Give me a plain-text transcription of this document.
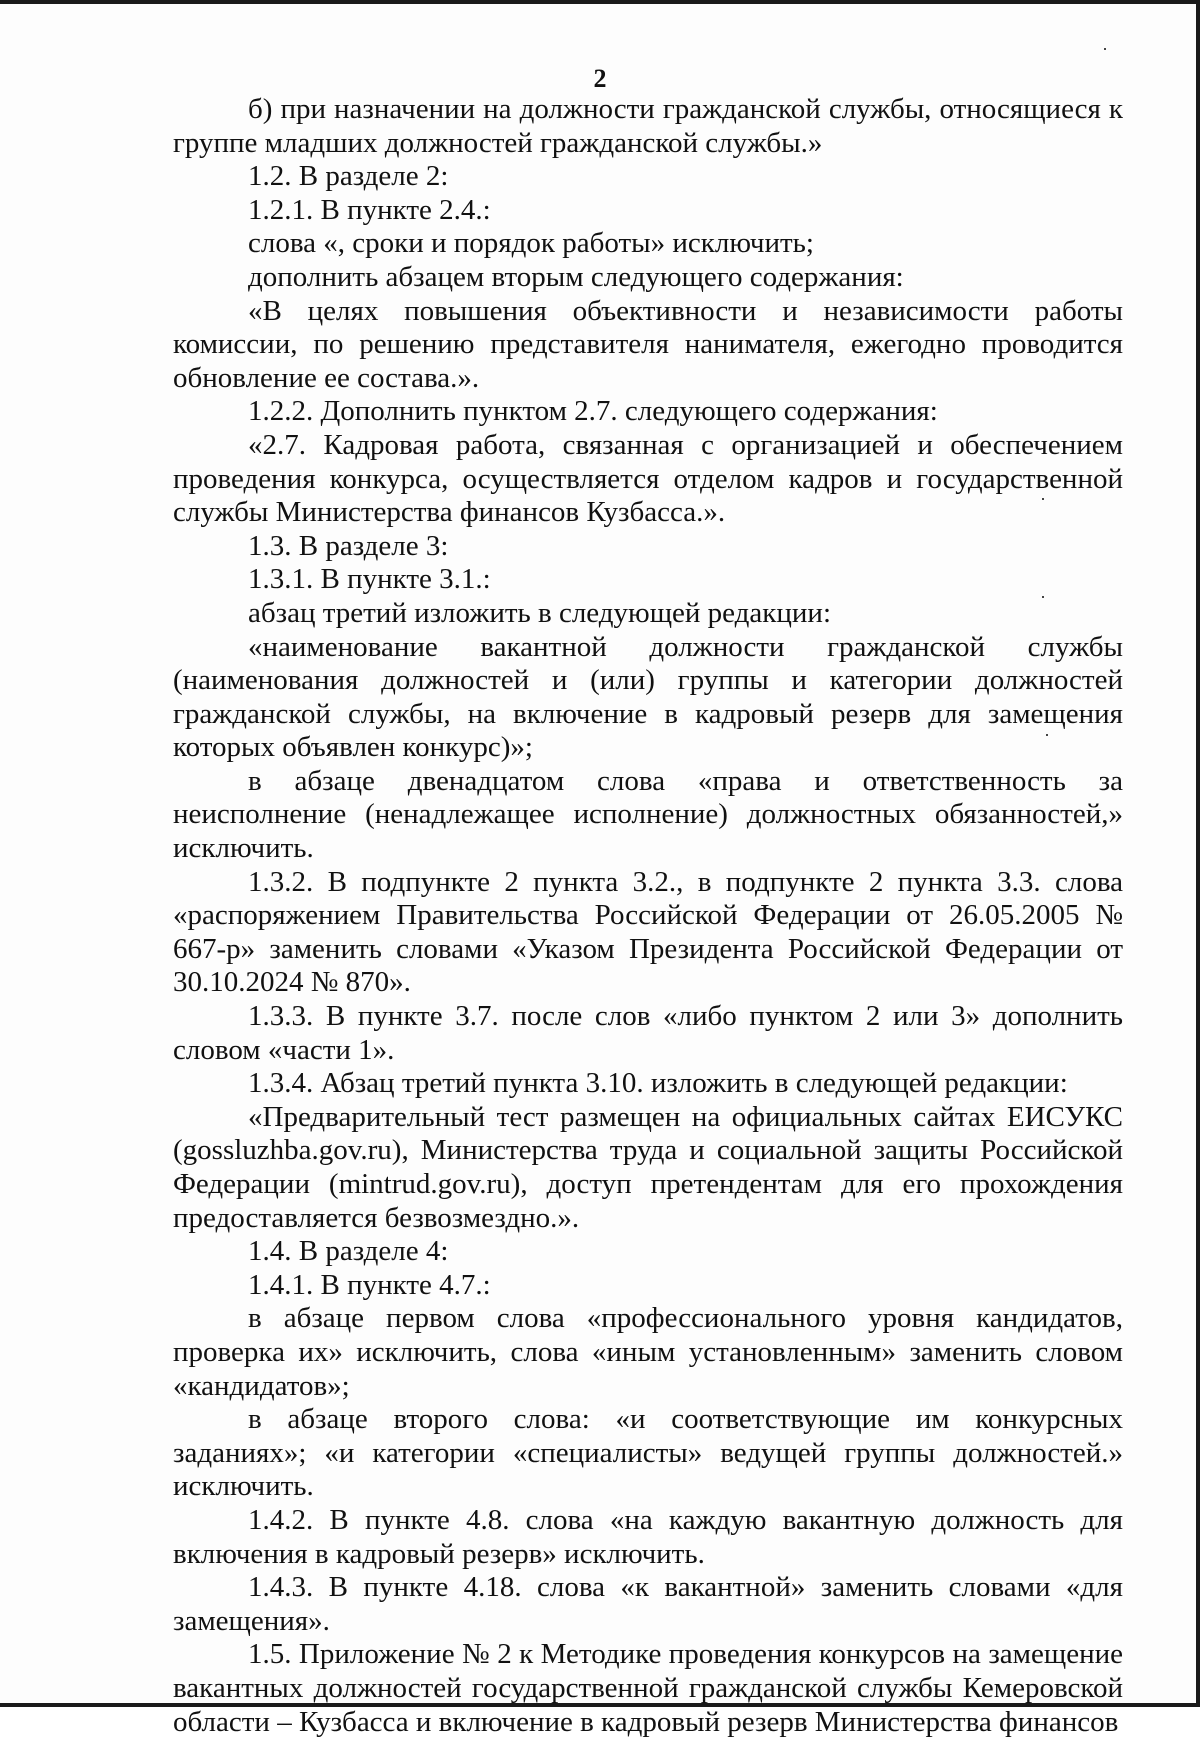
2

б) при назначении на должности гражданской службы, относящиеся к группе младших должностей гражданской службы.»

1.2. В разделе 2:

1.2.1. В пункте 2.4.:

слова «, сроки и порядок работы» исключить;

дополнить абзацем вторым следующего содержания:

«В целях повышения объективности и независимости работы комиссии, по решению представителя нанимателя, ежегодно проводится обновление ее состава.».

1.2.2. Дополнить пунктом 2.7. следующего содержания:

«2.7. Кадровая работа, связанная с организацией и обеспечением проведения конкурса, осуществляется отделом кадров и государственной службы Министерства финансов Кузбасса.».

1.3. В разделе 3:

1.3.1. В пункте 3.1.:

абзац третий изложить в следующей редакции:

«наименование вакантной должности гражданской службы (наименования должностей и (или) группы и категории должностей гражданской службы, на включение в кадровый резерв для замещения которых объявлен конкурс)»;

в абзаце двенадцатом слова «права и ответственность за неисполнение (ненадлежащее исполнение) должностных обязанностей,» исключить.

1.3.2. В подпункте 2 пункта 3.2., в подпункте 2 пункта 3.3. слова «распоряжением Правительства Российской Федерации от 26.05.2005 № 667-р» заменить словами «Указом Президента Российской Федерации от 30.10.2024 № 870».

1.3.3. В пункте 3.7. после слов «либо пунктом 2 или 3» дополнить словом «части 1».

1.3.4. Абзац третий пункта 3.10. изложить в следующей редакции:

«Предварительный тест размещен на официальных сайтах ЕИСУКС (gossluzhba.gov.ru), Министерства труда и социальной защиты Российской Федерации (mintrud.gov.ru), доступ претендентам для его прохождения предоставляется безвозмездно.».

1.4. В разделе 4:

1.4.1. В пункте 4.7.:

в абзаце первом слова «профессионального уровня кандидатов, проверка их» исключить, слова «иным установленным» заменить словом «кандидатов»;

в абзаце второго слова: «и соответствующие им конкурсных заданиях»; «и категории «специалисты» ведущей группы должностей.» исключить.

1.4.2. В пункте 4.8. слова «на каждую вакантную должность для включения в кадровый резерв» исключить.

1.4.3. В пункте 4.18. слова «к вакантной» заменить словами «для замещения».

1.5. Приложение № 2 к Методике проведения конкурсов на замещение вакантных должностей государственной гражданской службы Кемеровской области – Кузбасса и включение в кадровый резерв Министерства финансов
